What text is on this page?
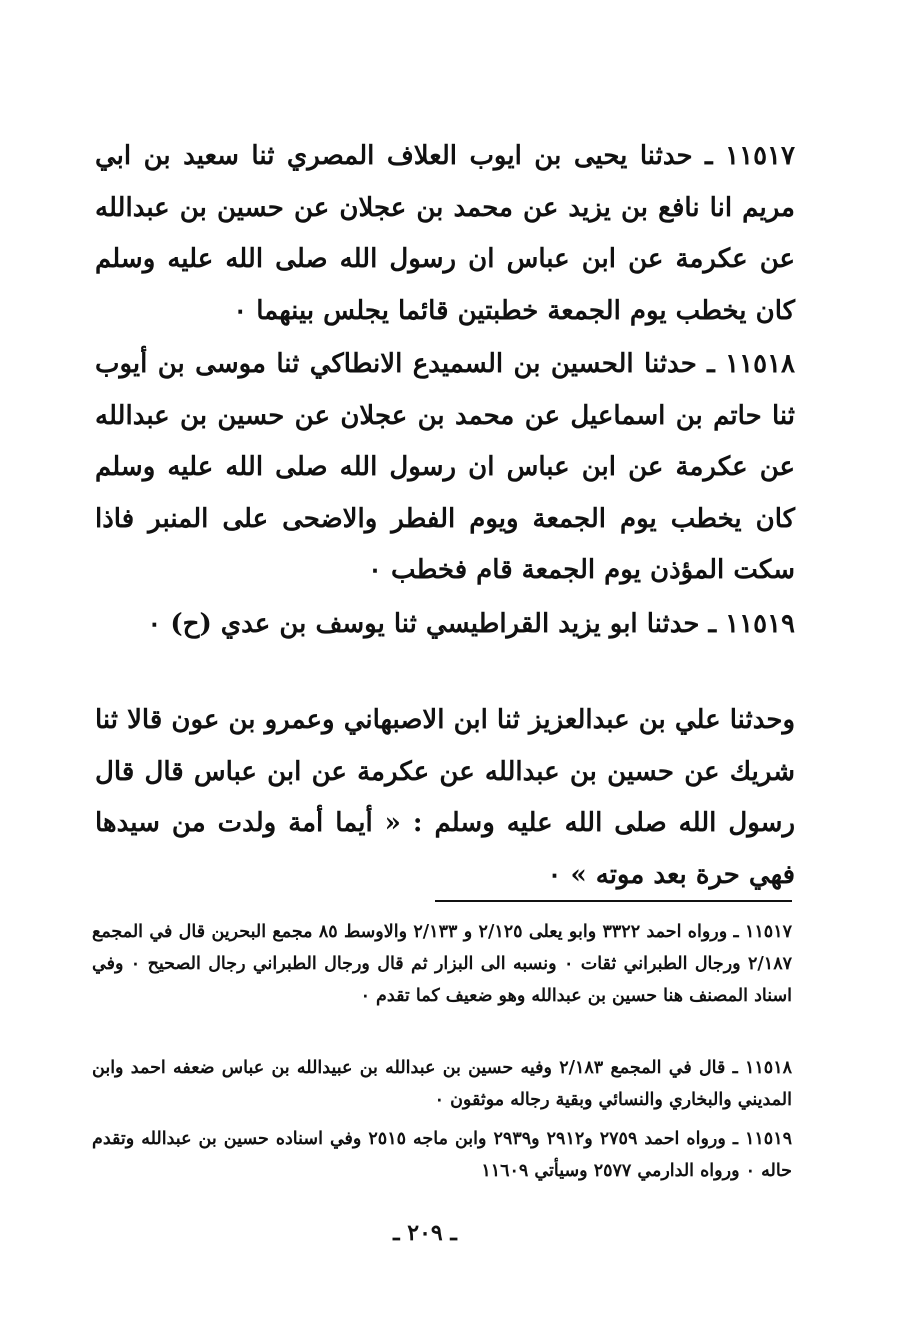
١١٥١٧ ـ حدثنا يحيى بن ايوب العلاف المصري ثنا سعيد بن ابي مريم انا نافع بن يزيد عن محمد بن عجلان عن حسين بن عبدالله عن عكرمة عن ابن عباس ان رسول الله صلى الله عليه وسلم كان يخطب يوم الجمعة خطبتين قائما يجلس بينهما ٠

١١٥١٨ ـ حدثنا الحسين بن السميدع الانطاكي ثنا موسى بن أيوب ثنا حاتم بن اسماعيل عن محمد بن عجلان عن حسين بن عبدالله عن عكرمة عن ابن عباس ان رسول الله صلى الله عليه وسلم كان يخطب يوم الجمعة ويوم الفطر والاضحى على المنبر فاذا سكت المؤذن يوم الجمعة قام فخطب ٠

١١٥١٩ ـ حدثنا ابو يزيد القراطيسي ثنا يوسف بن عدي (ح) ٠

وحدثنا علي بن عبدالعزيز ثنا ابن الاصبهاني وعمرو بن عون قالا ثنا شريك عن حسين بن عبدالله عن عكرمة عن ابن عباس قال قال رسول الله صلى الله عليه وسلم : « أيما أمة ولدت من سيدها فهي حرة بعد موته » ٠

١١٥١٧ ـ ورواه احمد ٣٣٢٢ وابو يعلى ٢/١٢٥ و ٢/١٣٣ والاوسط ٨٥ مجمع البحرين قال في المجمع ٢/١٨٧ ورجال الطبراني ثقات ٠ ونسبه الى البزار ثم قال ورجال الطبراني رجال الصحيح ٠ وفي اسناد المصنف هنا حسين بن عبدالله وهو ضعيف كما تقدم ٠

١١٥١٨ ـ قال في المجمع ٢/١٨٣ وفيه حسين بن عبدالله بن عبيدالله بن عباس ضعفه احمد وابن المديني والبخاري والنسائي وبقية رجاله موثقون ٠

١١٥١٩ ـ ورواه احمد ٢٧٥٩ و٢٩١٢ و٢٩٣٩ وابن ماجه ٢٥١٥ وفي اسناده حسين بن عبدالله وتقدم حاله ٠ ورواه الدارمي ٢٥٧٧ وسيأتي ١١٦٠٩

ـ ٢٠٩ ـ
